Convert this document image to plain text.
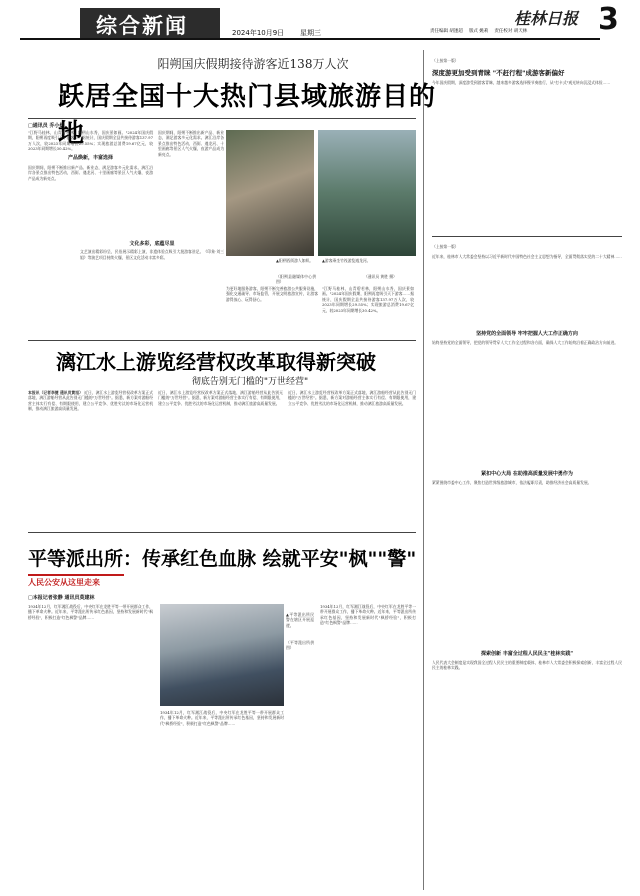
综合新闻	2024年10月9日 星期三
桂林日报 3
责任编辑 胡逢超 版式 姚莉 责任校对 胡天林
阳朔国庆假期接待游客近138万人次
跃居全国十大热门县域旅游目的地
□通讯员 乔小炳
"江野马桂林，山青碧若林，阳朔山水秀，国庆景如画。"2024年国庆假期，阳朔再度吸引天下游客……据统计，国庆假期全县共接待游客137.97万人次，较2023年同期增长29.55%；实现旅游总消费19.67亿元，较2023年同期增长30.42%。
产品焕新，丰富选择
国庆期间，阳朔不断推出新产品、新业态，满足游客多元化需求。漓江沿岸各景点推出特色活动，西街、遇龙河、十里画廊等景区人气火爆，夜游产品成为新亮点。
国庆期间，阳朔不断推出新产品、新业态，满足游客多元化需求。漓江沿岸各景点推出特色活动，西街、遇龙河、十里画廊等景区人气火爆，夜游产品成为新亮点。
▲阳朔西街游人如织。
（阳朔县融媒体中心供图）
▲游客乘坐竹筏游览遇龙河。
（通讯员 黄胜 摄）
为更好地服务游客，阳朔不断完善旅游公共服务设施，强化交通疏导、市场监管，开展文明旅游宣传，让游客游得放心、玩得舒心。
"江野马桂林，山青碧若林，阳朔山水秀，国庆景如画。"2024年国庆假期，阳朔再度吸引天下游客……据统计，国庆假期全县共接待游客137.97万人次，较2023年同期增长29.55%；实现旅游总消费19.67亿元，较2023年同期增长30.42%。
文化多彩，底蕴尽显
文艺演出精彩纷呈，民俗展示精彩上演，非遗体验点吸引大批游客驻足。《印象·刘三姐》等演艺项目持续火爆，景区文化活动丰富多彩。
漓江水上游览经营权改革取得新突破
彻底告别无门槛的"万世经营"
本报讯（记者李捷 通讯员黄旭） 近日，漓江水上游览经营权改革方案正式落地，漓江游船经营从此告别无门槛的"万世经营"。据悉，新方案对游船经营主体实行有偿、有期限使用，建立公平竞争、优胜劣汰的市场化运营机制，推动漓江旅游高质量发展。
近日，漓江水上游览经营权改革方案正式落地，漓江游船经营从此告别无门槛的"万世经营"。据悉，新方案对游船经营主体实行有偿、有期限使用，建立公平竞争、优胜劣汰的市场化运营机制，推动漓江旅游高质量发展。
近日，漓江水上游览经营权改革方案正式落地，漓江游船经营从此告别无门槛的"万世经营"。据悉，新方案对游船经营主体实行有偿、有期限使用，建立公平竞争、优胜劣汰的市场化运营机制，推动漓江旅游高质量发展。
平等派出所：传承红色血脉 绘就平安"枫""警"
人民公安从这里走来
□本报记者张静 通讯员莫建林
1934年12月，红军湘江战役后，中央红军在龙胜平等一带开展群众工作，播下革命火种。近年来，平等派出所传承红色基因，坚持和发展新时代"枫桥经验"，积极打造"红色枫警"品牌……
▲平等派出所民警在辖区开展巡逻。
（平等派出所供图）
1934年12月，红军湘江战役后，中央红军在龙胜平等一带开展群众工作，播下革命火种。近年来，平等派出所传承红色基因，坚持和发展新时代"枫桥经验"，积极打造"红色枫警"品牌……
1934年12月，红军湘江战役后，中央红军在龙胜平等一带开展群众工作，播下革命火种。近年来，平等派出所传承红色基因，坚持和发展新时代"枫桥经验"，积极打造"红色枫警"品牌……
（上接第一版）
深度游更加受到青睐 "不赶行程"成游客新偏好
今年国庆假期，深度游受到游客青睐，越来越多游客选择慢节奏旅行，从"打卡式"观光转向沉浸式体验……
（上接第一版）
近年来，桂林市人大常委会坚持以习近平新时代中国特色社会主义思想为指导，全面贯彻落实党的二十大精神……
坚持党的全面领导 牢牢把握人大工作正确方向
始终坚持党的全面领导，把党的领导贯穿人大工作全过程和各方面，确保人大工作始终沿着正确政治方向前进。
紧扣中心大局 在助推高质量发展中勇作为
紧紧围绕市委中心工作，聚焦打造世界级旅游城市，依法履职尽责，助推经济社会高质量发展。
探索创新 丰富全过程人民民主"桂林实践"
人民代表大会制度是实现我国全过程人民民主的重要制度载体，桂林市人大常委会积极探索创新，丰富全过程人民民主的桂林实践。
